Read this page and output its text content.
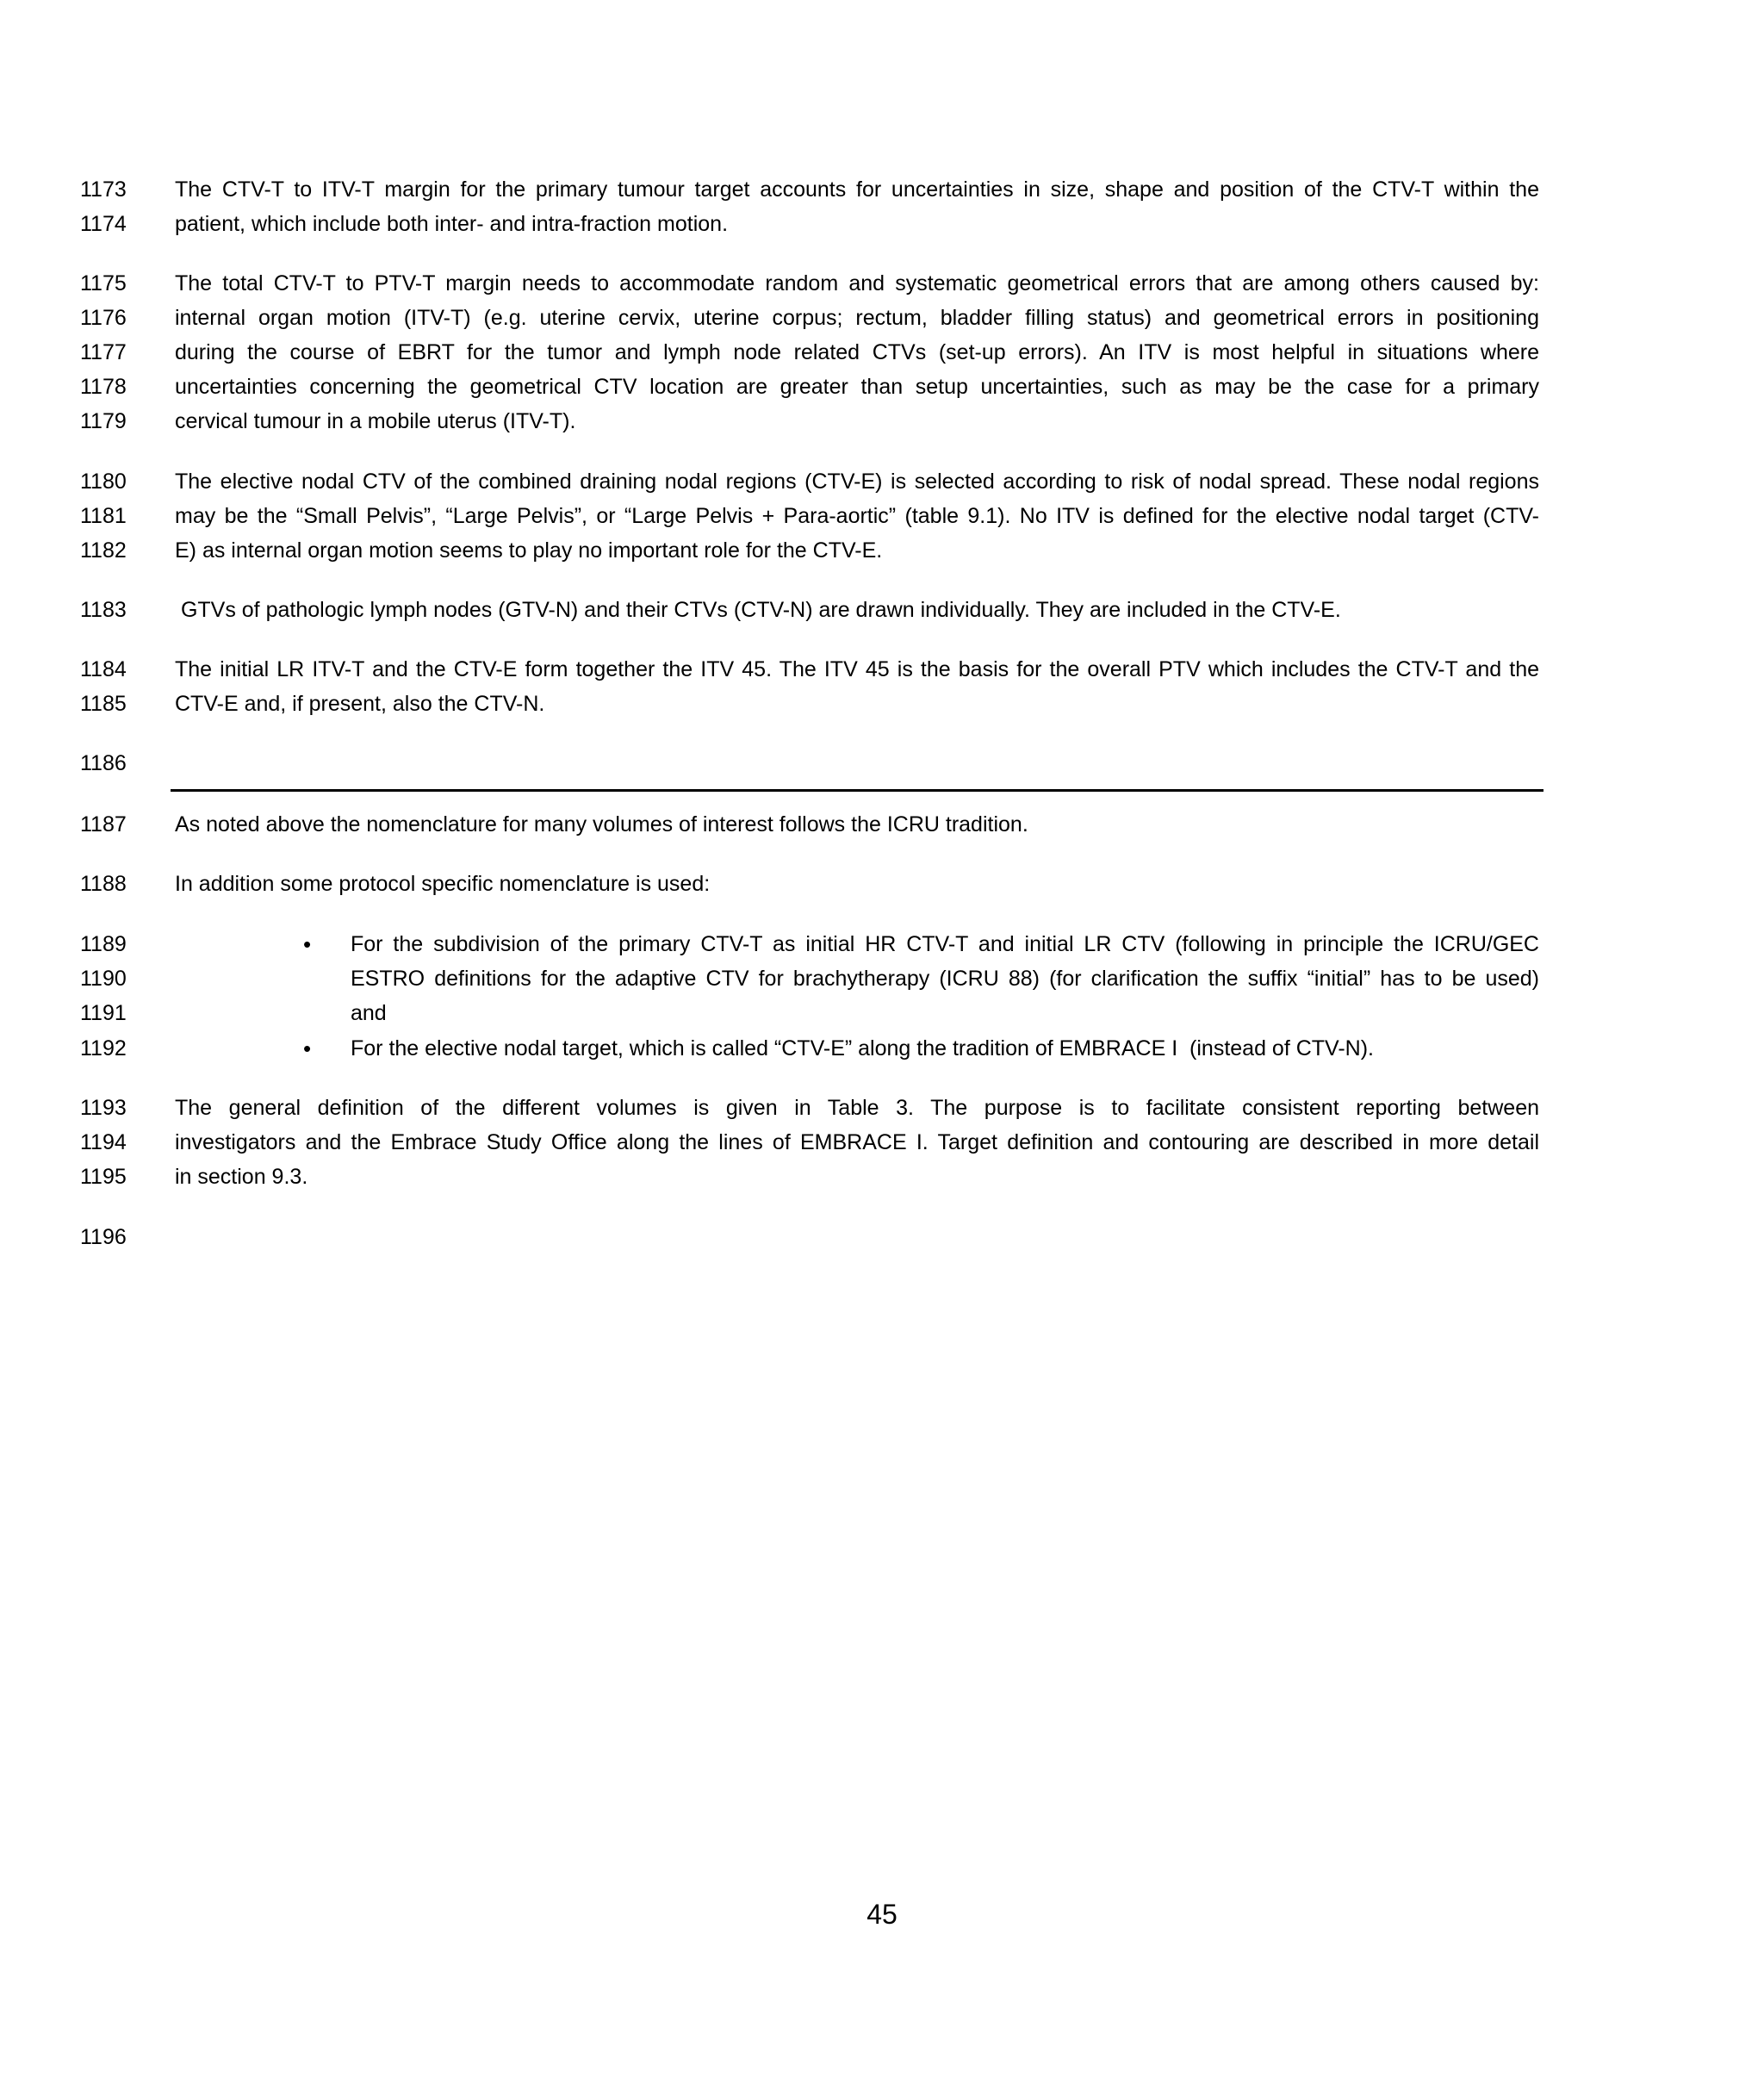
1173	The CTV-T to ITV-T margin for the primary tumour target accounts for uncertainties in size, shape and position of the CTV-T within the
1174	patient, which include both inter- and intra-fraction motion.
1175	The total CTV-T to PTV-T margin needs to accommodate random and systematic geometrical errors that are among others caused by:
1176	internal organ motion (ITV-T) (e.g. uterine cervix, uterine corpus; rectum, bladder filling status) and geometrical errors in positioning
1177	during the course of EBRT for the tumor and lymph node related CTVs (set-up errors). An ITV is most helpful in situations where
1178	uncertainties concerning the geometrical CTV location are greater than setup uncertainties, such as may be the case for a primary
1179	cervical tumour in a mobile uterus (ITV-T).
1180	The elective nodal CTV of the combined draining nodal regions (CTV-E) is selected according to risk of nodal spread. These nodal regions
1181	may be the “Small Pelvis”, “Large Pelvis”, or “Large Pelvis + Para-aortic” (table 9.1). No ITV is defined for the elective nodal target (CTV-
1182	E) as internal organ motion seems to play no important role for the CTV-E.
1183	GTVs of pathologic lymph nodes (GTV-N) and their CTVs (CTV-N) are drawn individually. They are included in the CTV-E.
1184	The initial LR ITV-T and the CTV-E form together the ITV 45. The ITV 45 is the basis for the overall PTV which includes the CTV-T and the
1185	CTV-E and, if present, also the CTV-N.
1186
1187	As noted above the nomenclature for many volumes of interest follows the ICRU tradition.
1188	In addition some protocol specific nomenclature is used:
1189	• For the subdivision of the primary CTV-T as initial HR CTV-T and initial LR CTV (following in principle the ICRU/GEC
1190	ESTRO definitions for the adaptive CTV for brachytherapy (ICRU 88) (for clarification the suffix “initial” has to be used)
1191	and
1192	• For the elective nodal target, which is called “CTV-E” along the tradition of EMBRACE I  (instead of CTV-N).
1193	The general definition of the different volumes is given in Table 3. The purpose is to facilitate consistent reporting between
1194	investigators and the Embrace Study Office along the lines of EMBRACE I. Target definition and contouring are described in more detail
1195	in section 9.3.
1196
45
